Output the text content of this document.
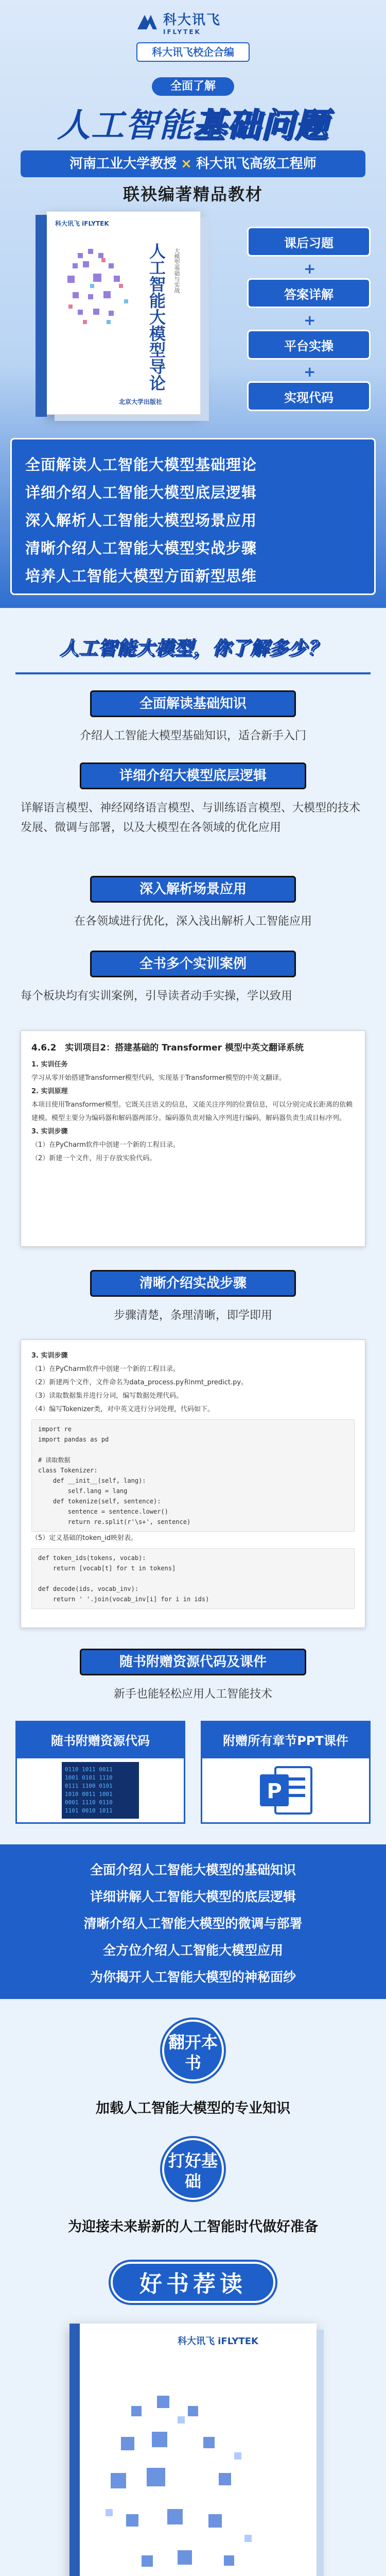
科大讯飞
IFLYTEK
科大讯飞校企合编
全面了解
人工智能基础问题
河南工业大学教授 × 科大讯飞高级工程师
联袂编著精品教材
科大讯飞 iFLYTEK
人工智能大模型导论	大模型基础与实战
北京大学出版社
课后习题
+
答案详解
+
平台实操
+
实现代码
全面解读人工智能大模型基础理论
详细介绍人工智能大模型底层逻辑
深入解析人工智能大模型场景应用
清晰介绍人工智能大模型实战步骤
培养人工智能大模型方面新型思维
人工智能大模型，你了解多少？
全面解读基础知识
介绍人工智能大模型基础知识，适合新手入门
详细介绍大模型底层逻辑
详解语言模型、神经网络语言模型、与训练语言模型、大模型的技术发展、微调与部署，以及大模型在各领域的优化应用
深入解析场景应用
在各领域进行优化，深入浅出解析人工智能应用
全书多个实训案例
每个板块均有实训案例，引导读者动手实操，学以致用
4.6.2　实训项目2：搭建基础的 Transformer 模型中英文翻译系统
1. 实训任务
学习从零开始搭建Transformer模型代码，实现基于Transformer模型的中英文翻译。
2. 实训原理
本项目使用Transformer模型。它既关注语义的信息，又能关注序列的位置信息，可以分别完成长距离的依赖建模。模型主要分为编码器和解码器两部分。编码器负责对输入序列进行编码，解码器负责生成目标序列。
3. 实训步骤
（1）在PyCharm软件中创建一个新的工程目录。
（2）新建一个文件，用于存放实验代码。
清晰介绍实战步骤
步骤清楚，条理清晰，即学即用
3. 实训步骤
（1）在PyCharm软件中创建一个新的工程目录。
（2）新建两个文件，文件命名为data_process.py和nmt_predict.py。
（3）读取数据集并进行分词，编写数据处理代码。
（4）编写Tokenizer类，对中英文进行分词处理，代码如下。
import re
import pandas as pd

# 读取数据
class Tokenizer:
def __init__(self, lang):
self.lang = lang
def tokenize(self, sentence):
sentence = sentence.lower()
return re.split(r'\s+', sentence)
（5）定义基础的token_id映射表。
def token_ids(tokens, vocab):
return [vocab[t] for t in tokens]

def decode(ids, vocab_inv):
return ' '.join(vocab_inv[i] for i in ids)
随书附赠资源代码及课件
新手也能轻松应用人工智能技术
随书附赠资源代码
0110 1011 0011
1001 0101 1110
0111 1100 0101
1010 0011 1001
0001 1110 0110
1101 0010 1011
附赠所有章节PPT课件
P
全面介绍人工智能大模型的基础知识
详细讲解人工智能大模型的底层逻辑
清晰介绍人工智能大模型的微调与部署
全方位介绍人工智能大模型应用
为你揭开人工智能大模型的神秘面纱
翻开本书
加载人工智能大模型的专业知识
打好基础
为迎接未来崭新的人工智能时代做好准备
好书荐读
科大讯飞 iFLYTEK
